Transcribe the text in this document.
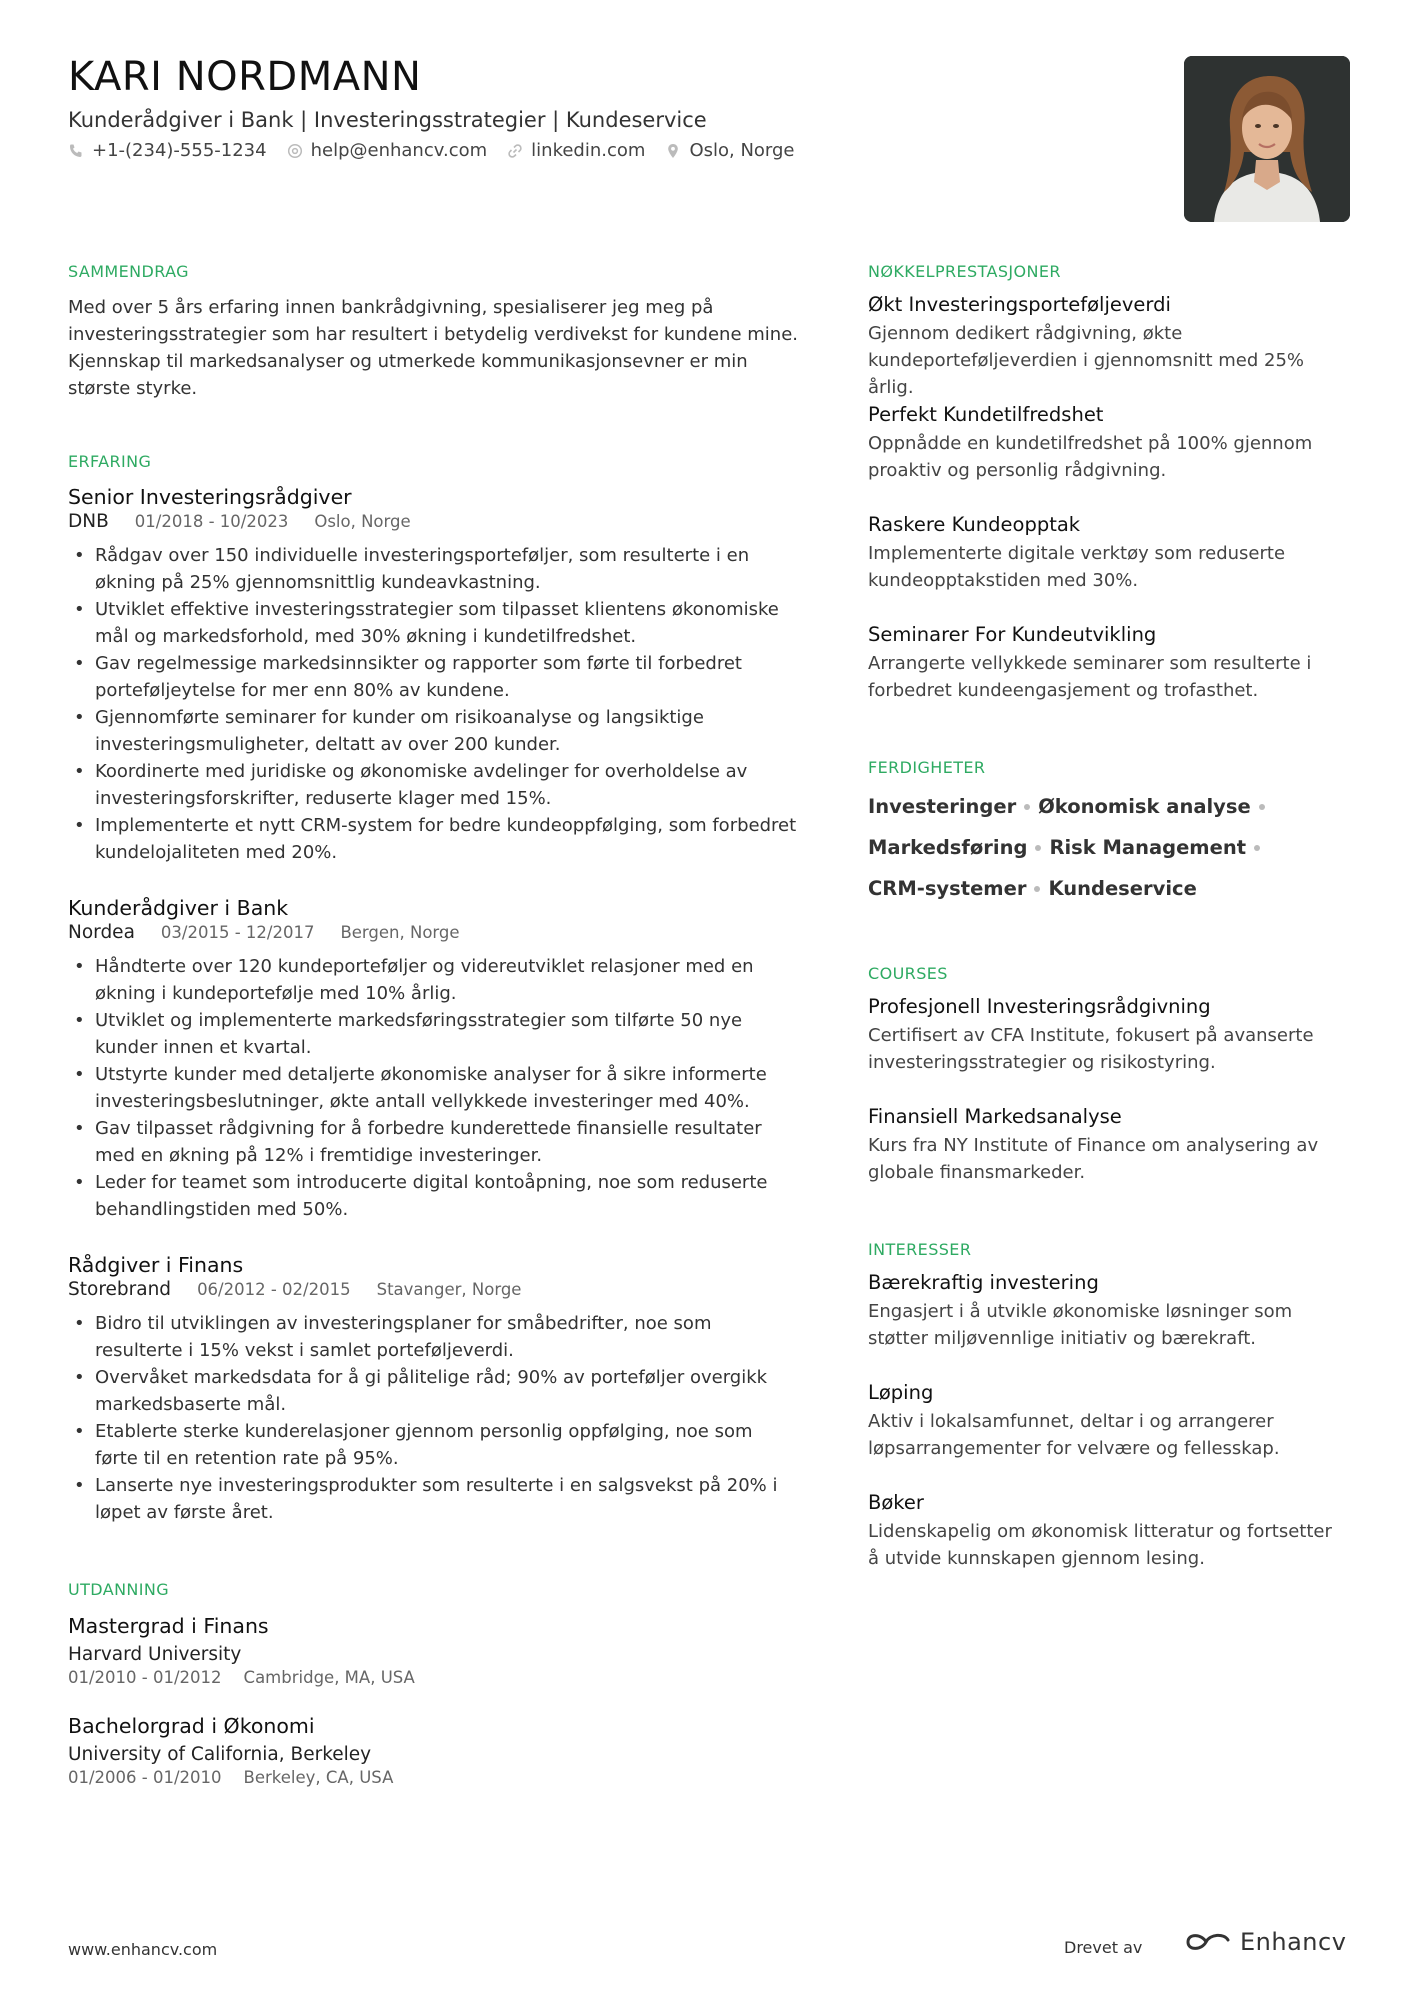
KARI NORDMANN
Kunderådgiver i Bank | Investeringsstrategier | Kundeservice
+1-(234)-555-1234 help@enhancv.com linkedin.com Oslo, Norge
SAMMENDRAG
Med over 5 års erfaring innen bankrådgivning, spesialiserer jeg meg på investeringsstrategier som har resultert i betydelig verdivekst for kundene mine. Kjennskap til markedsanalyser og utmerkede kommunikasjonsevner er min største styrke.
ERFARING
Senior Investeringsrådgiver
DNB 01/2018 - 10/2023 Oslo, Norge
• Rådgav over 150 individuelle investeringsporteføljer, som resulterte i en økning på 25% gjennomsnittlig kundeavkastning.
• Utviklet effektive investeringsstrategier som tilpasset klientens økonomiske mål og markedsforhold, med 30% økning i kundetilfredshet.
• Gav regelmessige markedsinnsikter og rapporter som førte til forbedret porteføljeytelse for mer enn 80% av kundene.
• Gjennomførte seminarer for kunder om risikoanalyse og langsiktige investeringsmuligheter, deltatt av over 200 kunder.
• Koordinerte med juridiske og økonomiske avdelinger for overholdelse av investeringsforskrifter, reduserte klager med 15%.
• Implementerte et nytt CRM-system for bedre kundeoppfølging, som forbedret kundelojaliteten med 20%.
Kunderådgiver i Bank
Nordea 03/2015 - 12/2017 Bergen, Norge
• Håndterte over 120 kundeporteføljer og videreutviklet relasjoner med en økning i kundeportefølje med 10% årlig.
• Utviklet og implementerte markedsføringsstrategier som tilførte 50 nye kunder innen et kvartal.
• Utstyrte kunder med detaljerte økonomiske analyser for å sikre informerte investeringsbeslutninger, økte antall vellykkede investeringer med 40%.
• Gav tilpasset rådgivning for å forbedre kunderettede finansielle resultater med en økning på 12% i fremtidige investeringer.
• Leder for teamet som introducerte digital kontoåpning, noe som reduserte behandlingstiden med 50%.
Rådgiver i Finans
Storebrand 06/2012 - 02/2015 Stavanger, Norge
• Bidro til utviklingen av investeringsplaner for småbedrifter, noe som resulterte i 15% vekst i samlet porteføljeverdi.
• Overvåket markedsdata for å gi pålitelige råd; 90% av porteføljer overgikk markedsbaserte mål.
• Etablerte sterke kunderelasjoner gjennom personlig oppfølging, noe som førte til en retention rate på 95%.
• Lanserte nye investeringsprodukter som resulterte i en salgsvekst på 20% i løpet av første året.
UTDANNING
Mastergrad i Finans
Harvard University
01/2010 - 01/2012 Cambridge, MA, USA
Bachelorgrad i Økonomi
University of California, Berkeley
01/2006 - 01/2010 Berkeley, CA, USA
NØKKELPRESTASJONER
Økt Investeringsporteføljeverdi
Gjennom dedikert rådgivning, økte kundeporteføljeverdien i gjennomsnitt med 25% årlig.
Perfekt Kundetilfredshet
Oppnådde en kundetilfredshet på 100% gjennom proaktiv og personlig rådgivning.
Raskere Kundeopptak
Implementerte digitale verktøy som reduserte kundeopptakstiden med 30%.
Seminarer For Kundeutvikling
Arrangerte vellykkede seminarer som resulterte i forbedret kundeengasjement og trofasthet.
FERDIGHETER
Investeringer Økonomisk analyse
Markedsføring Risk Management
CRM-systemer Kundeservice
COURSES
Profesjonell Investeringsrådgivning
Certifisert av CFA Institute, fokusert på avanserte investeringsstrategier og risikostyring.
Finansiell Markedsanalyse
Kurs fra NY Institute of Finance om analysering av globale finansmarkeder.
INTERESSER
Bærekraftig investering
Engasjert i å utvikle økonomiske løsninger som støtter miljøvennlige initiativ og bærekraft.
Løping
Aktiv i lokalsamfunnet, deltar i og arrangerer løpsarrangementer for velvære og fellesskap.
Bøker
Lidenskapelig om økonomisk litteratur og fortsetter å utvide kunnskapen gjennom lesing.
www.enhancv.com	Drevet av	Enhancv
